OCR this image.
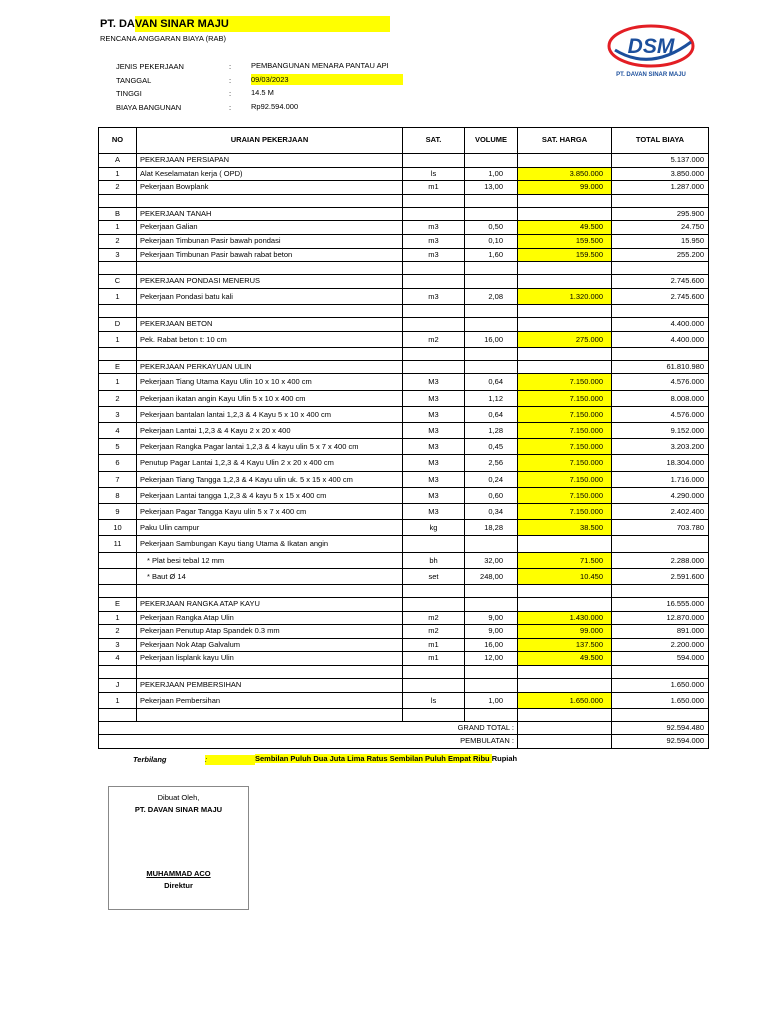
PT. DAVAN SINAR MAJU
RENCANA ANGGARAN BIAYA (RAB)
JENIS PEKERJAAN	:	PEMBANGUNAN MENARA PANTAU API
TANGGAL	:	09/03/2023
TINGGI	:	14.5 M
BIAYA BANGUNAN	:	Rp92.594.000
DSM
PT. DAVAN SINAR MAJU
NO	URAIAN PEKERJAAN	SAT.	VOLUME	SAT. HARGA	TOTAL BIAYA
A	PEKERJAAN PERSIAPAN				5.137.000
1	Alat Keselamatan kerja ( OPD)	ls	1,00	3.850.000	3.850.000
2	Pekerjaan Bowplank	m1	13,00	99.000	1.287.000

B	PEKERJAAN TANAH				295.900
1	Pekerjaan Galian	m3	0,50	49.500	24.750
2	Pekerjaan Timbunan Pasir bawah pondasi	m3	0,10	159.500	15.950
3	Pekerjaan Timbunan Pasir bawah rabat beton	m3	1,60	159.500	255.200

C	PEKERJAAN PONDASI MENERUS				2.745.600
1	Pekerjaan Pondasi batu kali	m3	2,08	1.320.000	2.745.600

D	PEKERJAAN BETON				4.400.000
1	Pek. Rabat beton t: 10 cm	m2	16,00	275.000	4.400.000

E	PEKERJAAN PERKAYUAN ULIN				61.810.980
1	Pekerjaan Tiang Utama Kayu Ulin 10 x 10 x 400 cm	M3	0,64	7.150.000	4.576.000
2	Pekerjaan ikatan angin Kayu Ulin 5 x 10 x 400 cm	M3	1,12	7.150.000	8.008.000
3	Pekerjaan bantalan lantai 1,2,3 & 4 Kayu 5 x 10 x 400 cm	M3	0,64	7.150.000	4.576.000
4	Pekerjaan Lantai 1,2,3 & 4 Kayu 2 x 20 x 400	M3	1,28	7.150.000	9.152.000
5	Pekerjaan Rangka Pagar lantai 1,2,3 & 4 kayu ulin 5 x 7 x 400 cm	M3	0,45	7.150.000	3.203.200
6	Penutup Pagar Lantai 1,2,3 & 4 Kayu Ulin 2 x 20 x 400 cm	M3	2,56	7.150.000	18.304.000
7	Pekerjaan Tiang Tangga 1,2,3 & 4 Kayu ulin uk. 5 x 15 x 400 cm	M3	0,24	7.150.000	1.716.000
8	Pekerjaan Lantai tangga 1,2,3 & 4 kayu 5 x 15 x 400 cm	M3	0,60	7.150.000	4.290.000
9	Pekerjaan Pagar Tangga Kayu ulin 5 x 7 x 400 cm	M3	0,34	7.150.000	2.402.400
10	Paku Ulin campur	kg	18,28	38.500	703.780
11	Pekerjaan Sambungan Kayu tiang Utama & Ikatan angin				
	* Plat besi tebal 12 mm	bh	32,00	71.500	2.288.000
	* Baut Ø 14	set	248,00	10.450	2.591.600

E	PEKERJAAN RANGKA ATAP KAYU				16.555.000
1	Pekerjaan Rangka Atap Ulin	m2	9,00	1.430.000	12.870.000
2	Pekerjaan Penutup Atap Spandek 0.3 mm	m2	9,00	99.000	891.000
3	Pekerjaan Nok Atap Galvalum	m1	16,00	137.500	2.200.000
4	Pekerjaan lisplank kayu Ulin	m1	12,00	49.500	594.000

J	PEKERJAAN PEMBERSIHAN				1.650.000
1	Pekerjaan Pembersihan	ls	1,00	1.650.000	1.650.000

GRAND TOTAL :					92.594.480
PEMBULATAN :					92.594.000
Terbilang	:	Sembilan Puluh Dua Juta Lima Ratus Sembilan Puluh Empat Ribu Rupiah
Dibuat Oleh,
PT. DAVAN SINAR MAJU
MUHAMMAD ACO
Direktur
